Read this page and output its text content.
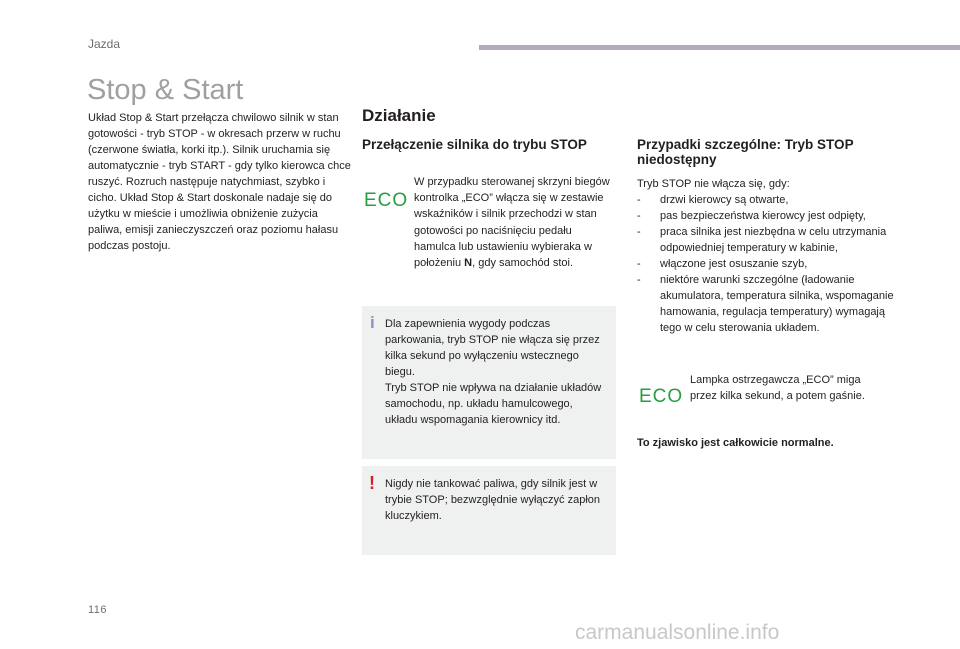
Jazda
Stop & Start

Układ Stop & Start przełącza chwilowo silnik w stan gotowości - tryb STOP - w okresach przerw w ruchu (czerwone światła, korki itp.). Silnik uruchamia się automatycznie - tryb START - gdy tylko kierowca chce ruszyć. Rozruch następuje natychmiast, szybko i cicho. Układ Stop & Start doskonale nadaje się do użytku w mieście i umożliwia obniżenie zużycia paliwa, emisji zanieczyszczeń oraz poziomu hałasu podczas postoju.

Działanie
Przełączenie silnika do trybu STOP
ECO

W przypadku sterowanej skrzyni biegów kontrolka „ECO” włącza się w zestawie wskaźników i silnik przechodzi w stan gotowości po naciśnięciu pedału hamulca lub ustawieniu wybieraka w położeniu N, gdy samochód stoi.

i Dla zapewnienia wygody podczas parkowania, tryb STOP nie włącza się przez kilka sekund po wyłączeniu wstecznego biegu.
Tryb STOP nie wpływa na działanie układów samochodu, np. układu hamulcowego, układu wspomagania kierownicy itd.

! Nigdy nie tankować paliwa, gdy silnik jest w trybie STOP; bezwzględnie wyłączyć zapłon kluczykiem.

Przypadki szczególne: Tryb STOP niedostępny

Tryb STOP nie włącza się, gdy:

- drzwi kierowcy są otwarte,
- pas bezpieczeństwa kierowcy jest odpięty,
- praca silnika jest niezbędna w celu utrzymania odpowiedniej temperatury w kabinie,
- włączone jest osuszanie szyb,
- niektóre warunki szczególne (ładowanie akumulatora, temperatura silnika, wspomaganie hamowania, regulacja temperatury) wymagają tego w celu sterowania układem.
ECO

Lampka ostrzegawcza „ECO” miga przez kilka sekund, a potem gaśnie.

To zjawisko jest całkowicie normalne.

116
carmanualsonline.info
